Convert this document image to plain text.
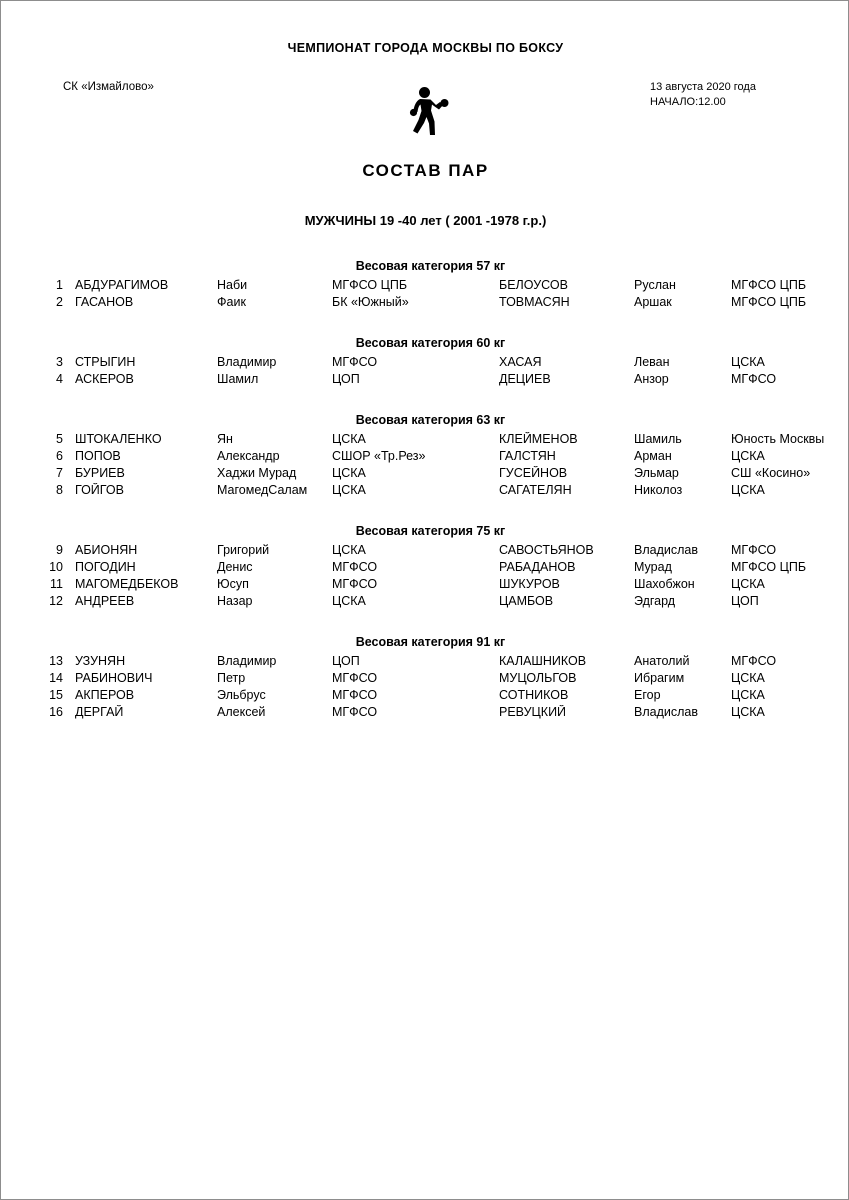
ЧЕМПИОНАТ ГОРОДА МОСКВЫ ПО БОКСУ
СК «Измайлово»	13 августа 2020 года
НАЧАЛО:12.00
СОСТАВ ПАР
МУЖЧИНЫ 19 -40 лет ( 2001 -1978 г.р.)
Весовая категория 57 кг
1	АБДУРАГИМОВ	Наби	МГФСО ЦПБ	БЕЛОУСОВ	Руслан	МГФСО ЦПБ
2	ГАСАНОВ	Фаик	БК «Южный»	ТОВМАСЯН	Аршак	МГФСО ЦПБ
Весовая категория 60 кг
3	СТРЫГИН	Владимир	МГФСО	ХАСАЯ	Леван	ЦСКА
4	АСКЕРОВ	Шамил	ЦОП	ДЕЦИЕВ	Анзор	МГФСО
Весовая категория 63 кг
5	ШТОКАЛЕНКО	Ян	ЦСКА	КЛЕЙМЕНОВ	Шамиль	Юность Москвы
6	ПОПОВ	Александр	СШОР «Тр.Рез»	ГАЛСТЯН	Арман	ЦСКА
7	БУРИЕВ	Хаджи Мурад	ЦСКА	ГУСЕЙНОВ	Эльмар	СШ «Косино»
8	ГОЙГОВ	МагомедСалам	ЦСКА	САГАТЕЛЯН	Николоз	ЦСКА
Весовая категория 75 кг
9	АБИОНЯН	Григорий	ЦСКА	САВОСТЬЯНОВ	Владислав	МГФСО
10	ПОГОДИН	Денис	МГФСО	РАБАДАНОВ	Мурад	МГФСО ЦПБ
11	МАГОМЕДБЕКОВ	Юсуп	МГФСО	ШУКУРОВ	Шахобжон	ЦСКА
12	АНДРЕЕВ	Назар	ЦСКА	ЦАМБОВ	Эдгард	ЦОП
Весовая категория 91 кг
13	УЗУНЯН	Владимир	ЦОП	КАЛАШНИКОВ	Анатолий	МГФСО
14	РАБИНОВИЧ	Петр	МГФСО	МУЦОЛЬГОВ	Ибрагим	ЦСКА
15	АКПЕРОВ	Эльбрус	МГФСО	СОТНИКОВ	Егор	ЦСКА
16	ДЕРГАЙ	Алексей	МГФСО	РЕВУЦКИЙ	Владислав	ЦСКА
